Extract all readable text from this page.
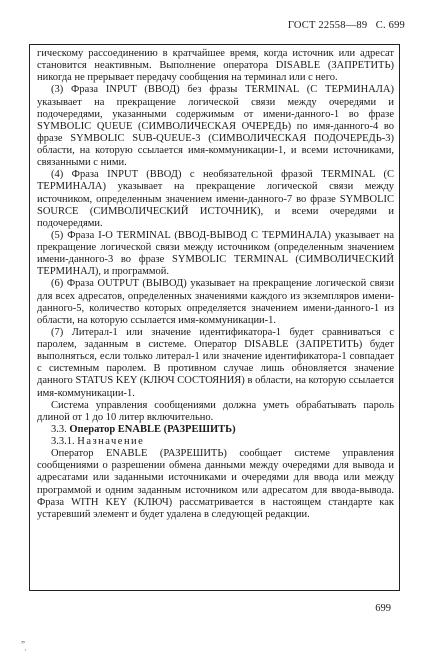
ГОСТ 22558—89 С. 699

гическому рассоединению в кратчайшее время, когда источник или адресат становится неактивным. Выполнение оператора DISABLE (ЗАПРЕТИТЬ) никогда не прерывает передачу сообщения на терминал или с него.

(3) Фраза INPUT (ВВОД) без фразы TERMINAL (С ТЕРМИНАЛА) указывает на прекращение логической связи между очередями и подочередями, указанными содержимым от имени-данного-1 во фразе SYMBOLIC QUEUE (СИМВОЛИЧЕСКАЯ ОЧЕРЕДЬ) по имя-данного-4 во фразе SYMBOLIC SUB-QUEUE-3 (СИМВОЛИЧЕСКАЯ ПОДОЧЕРЕДЬ-3) области, на которую ссылается имя-коммуникации-1, и всеми источниками, связанными с ними.

(4) Фраза INPUT (ВВОД) с необязательной фразой TERMINAL (С ТЕРМИНАЛА) указывает на прекращение логической связи между источником, определенным значением имени-данного-7 во фразе SYMBOLIC SOURCE (СИМВОЛИЧЕСКИЙ ИСТОЧНИК), и всеми очередями и подочередями.

(5) Фраза I-O TERMINAL (ВВОД-ВЫВОД С ТЕРМИНАЛА) указывает на прекращение логической связи между источником (определенным значением имени-данного-3 во фразе SYMBOLIC TERMINAL (СИМВОЛИЧЕСКИЙ ТЕРМИНАЛ), и программой.

(6) Фраза OUTPUT (ВЫВОД) указывает на прекращение логической связи для всех адресатов, определенных значениями каждого из экземпляров имени-данного-5, количество которых определяется значением имени-данного-1 из области, на которую ссылается имя-коммуникации-1.

(7) Литерал-1 или значение идентификатора-1 будет сравниваться с паролем, заданным в системе. Оператор DISABLE (ЗАПРЕТИТЬ) будет выполняться, если только литерал-1 или значение идентификатора-1 совпадает с системным паролем. В противном случае лишь обновляется значение данного STATUS KEY (КЛЮЧ СОСТОЯНИЯ) в области, на которую ссылается имя-коммуникации-1.

Система управления сообщениями должна уметь обрабатывать пароль длиной от 1 до 10 литер включительно.

3.3. Оператор ENABLE (РАЗРЕШИТЬ)

3.3.1. Назначение

Оператор ENABLE (РАЗРЕШИТЬ) сообщает системе управления сообщениями о разрешении обмена данными между очередями для вывода и адресатами или заданными источниками и очередями для ввода или между программой и одним заданным источником или адресатом для ввода-вывода. Фраза WITH KEY (КЛЮЧ) рассматривается в настоящем стандарте как устаревший элемент и будет удалена в следующей редакции.

699
„
˙
